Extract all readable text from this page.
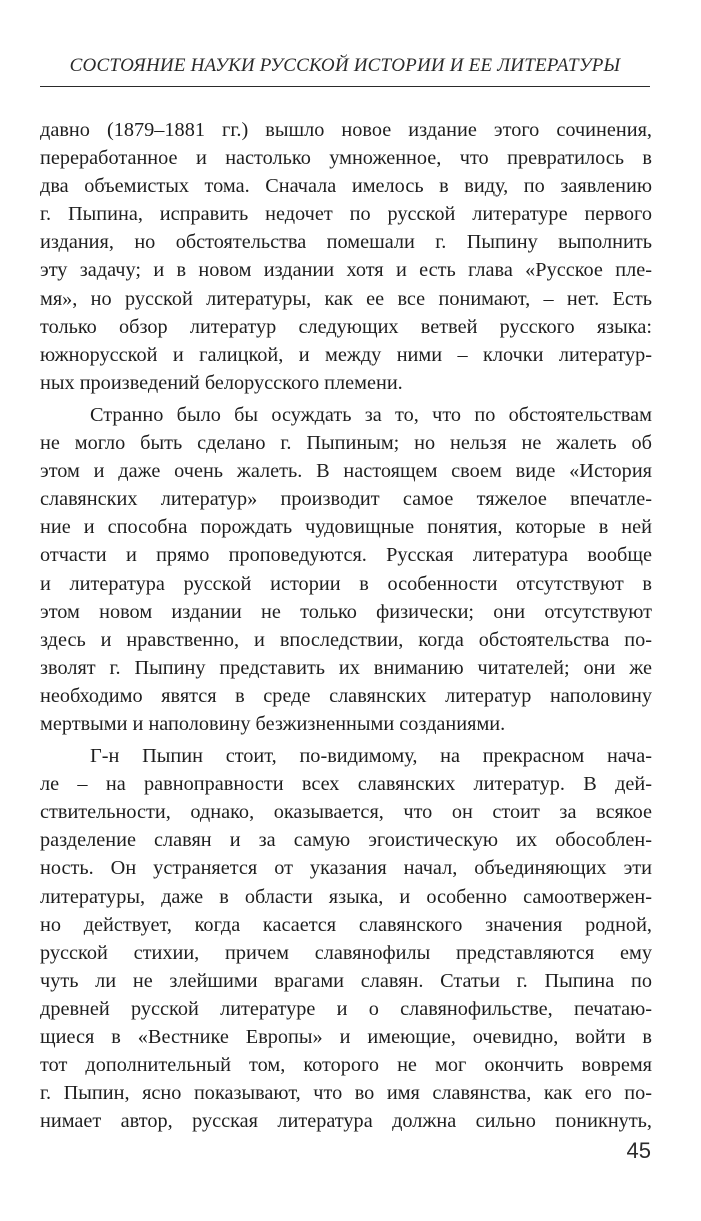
СОСТОЯНИЕ НАУКИ РУССКОЙ ИСТОРИИ И ЕЕ ЛИТЕРАТУРЫ
давно (1879–1881 гг.) вышло новое издание этого сочинения,
переработанное и настолько умноженное, что превратилось в
два объемистых тома. Сначала имелось в виду, по заявлению
г. Пыпина, исправить недочет по русской литературе первого
издания, но обстоятельства помешали г. Пыпину выполнить
эту задачу; и в новом издании хотя и есть глава «Русское пле-
мя», но русской литературы, как ее все понимают, – нет. Есть
только обзор литератур следующих ветвей русского языка:
южнорусской и галицкой, и между ними – клочки литератур-
ных произведений белорусского племени.
Странно было бы осуждать за то, что по обстоятельствам
не могло быть сделано г. Пыпиным; но нельзя не жалеть об
этом и даже очень жалеть. В настоящем своем виде «История
славянских литератур» производит самое тяжелое впечатле-
ние и способна порождать чудовищные понятия, которые в ней
отчасти и прямо проповедуются. Русская литература вообще
и литература русской истории в особенности отсутствуют в
этом новом издании не только физически; они отсутствуют
здесь и нравственно, и впоследствии, когда обстоятельства по-
зволят г. Пыпину представить их вниманию читателей; они же
необходимо явятся в среде славянских литератур наполовину
мертвыми и наполовину безжизненными созданиями.
Г-н Пыпин стоит, по-видимому, на прекрасном нача-
ле – на равноправности всех славянских литератур. В дей-
ствительности, однако, оказывается, что он стоит за всякое
разделение славян и за самую эгоистическую их обособлен-
ность. Он устраняется от указания начал, объединяющих эти
литературы, даже в области языка, и особенно самоотвержен-
но действует, когда касается славянского значения родной,
русской стихии, причем славянофилы представляются ему
чуть ли не злейшими врагами славян. Статьи г. Пыпина по
древней русской литературе и о славянофильстве, печатаю-
щиеся в «Вестнике Европы» и имеющие, очевидно, войти в
тот дополнительный том, которого не мог окончить вовремя
г. Пыпин, ясно показывают, что во имя славянства, как его по-
нимает автор, русская литература должна сильно поникнуть,
45
